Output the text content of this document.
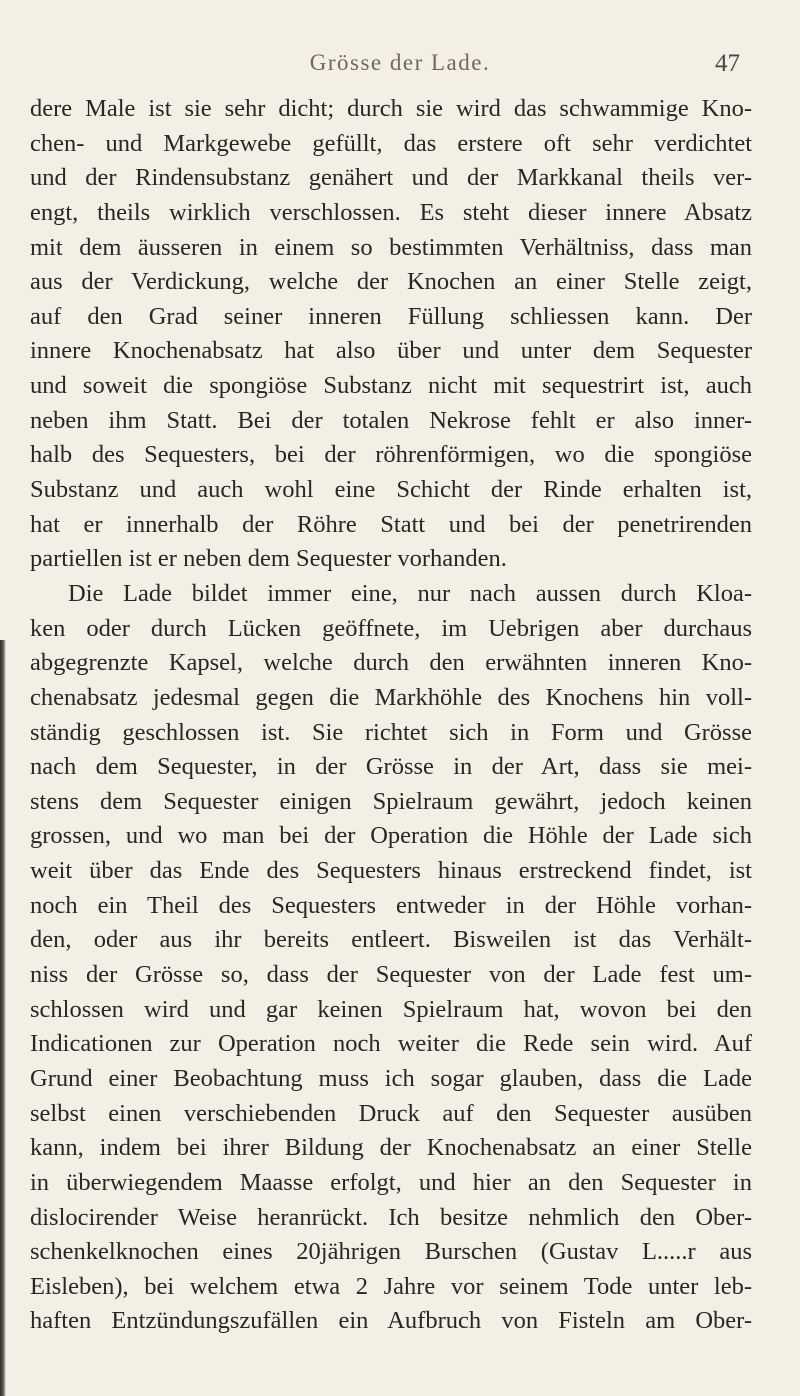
Grösse der Lade.	47
dere Male ist sie sehr dicht; durch sie wird das schwammige Kno-
chen- und Markgewebe gefüllt, das erstere oft sehr verdichtet
und der Rindensubstanz genähert und der Markkanal theils ver-
engt, theils wirklich verschlossen. Es steht dieser innere Absatz
mit dem äusseren in einem so bestimmten Verhältniss, dass man
aus der Verdickung, welche der Knochen an einer Stelle zeigt,
auf den Grad seiner inneren Füllung schliessen kann. Der
innere Knochenabsatz hat also über und unter dem Sequester
und soweit die spongiöse Substanz nicht mit sequestrirt ist, auch
neben ihm Statt. Bei der totalen Nekrose fehlt er also inner-
halb des Sequesters, bei der röhrenförmigen, wo die spongiöse
Substanz und auch wohl eine Schicht der Rinde erhalten ist,
hat er innerhalb der Röhre Statt und bei der penetrirenden
partiellen ist er neben dem Sequester vorhanden.
Die Lade bildet immer eine, nur nach aussen durch Kloa-
ken oder durch Lücken geöffnete, im Uebrigen aber durchaus
abgegrenzte Kapsel, welche durch den erwähnten inneren Kno-
chenabsatz jedesmal gegen die Markhöhle des Knochens hin voll-
ständig geschlossen ist. Sie richtet sich in Form und Grösse
nach dem Sequester, in der Grösse in der Art, dass sie mei-
stens dem Sequester einigen Spielraum gewährt, jedoch keinen
grossen, und wo man bei der Operation die Höhle der Lade sich
weit über das Ende des Sequesters hinaus erstreckend findet, ist
noch ein Theil des Sequesters entweder in der Höhle vorhan-
den, oder aus ihr bereits entleert. Bisweilen ist das Verhält-
niss der Grösse so, dass der Sequester von der Lade fest um-
schlossen wird und gar keinen Spielraum hat, wovon bei den
Indicationen zur Operation noch weiter die Rede sein wird. Auf
Grund einer Beobachtung muss ich sogar glauben, dass die Lade
selbst einen verschiebenden Druck auf den Sequester ausüben
kann, indem bei ihrer Bildung der Knochenabsatz an einer Stelle
in überwiegendem Maasse erfolgt, und hier an den Sequester in
dislocirender Weise heranrückt. Ich besitze nehmlich den Ober-
schenkelknochen eines 20jährigen Burschen (Gustav L.....r aus
Eisleben), bei welchem etwa 2 Jahre vor seinem Tode unter leb-
haften Entzündungszufällen ein Aufbruch von Fisteln am Ober-
